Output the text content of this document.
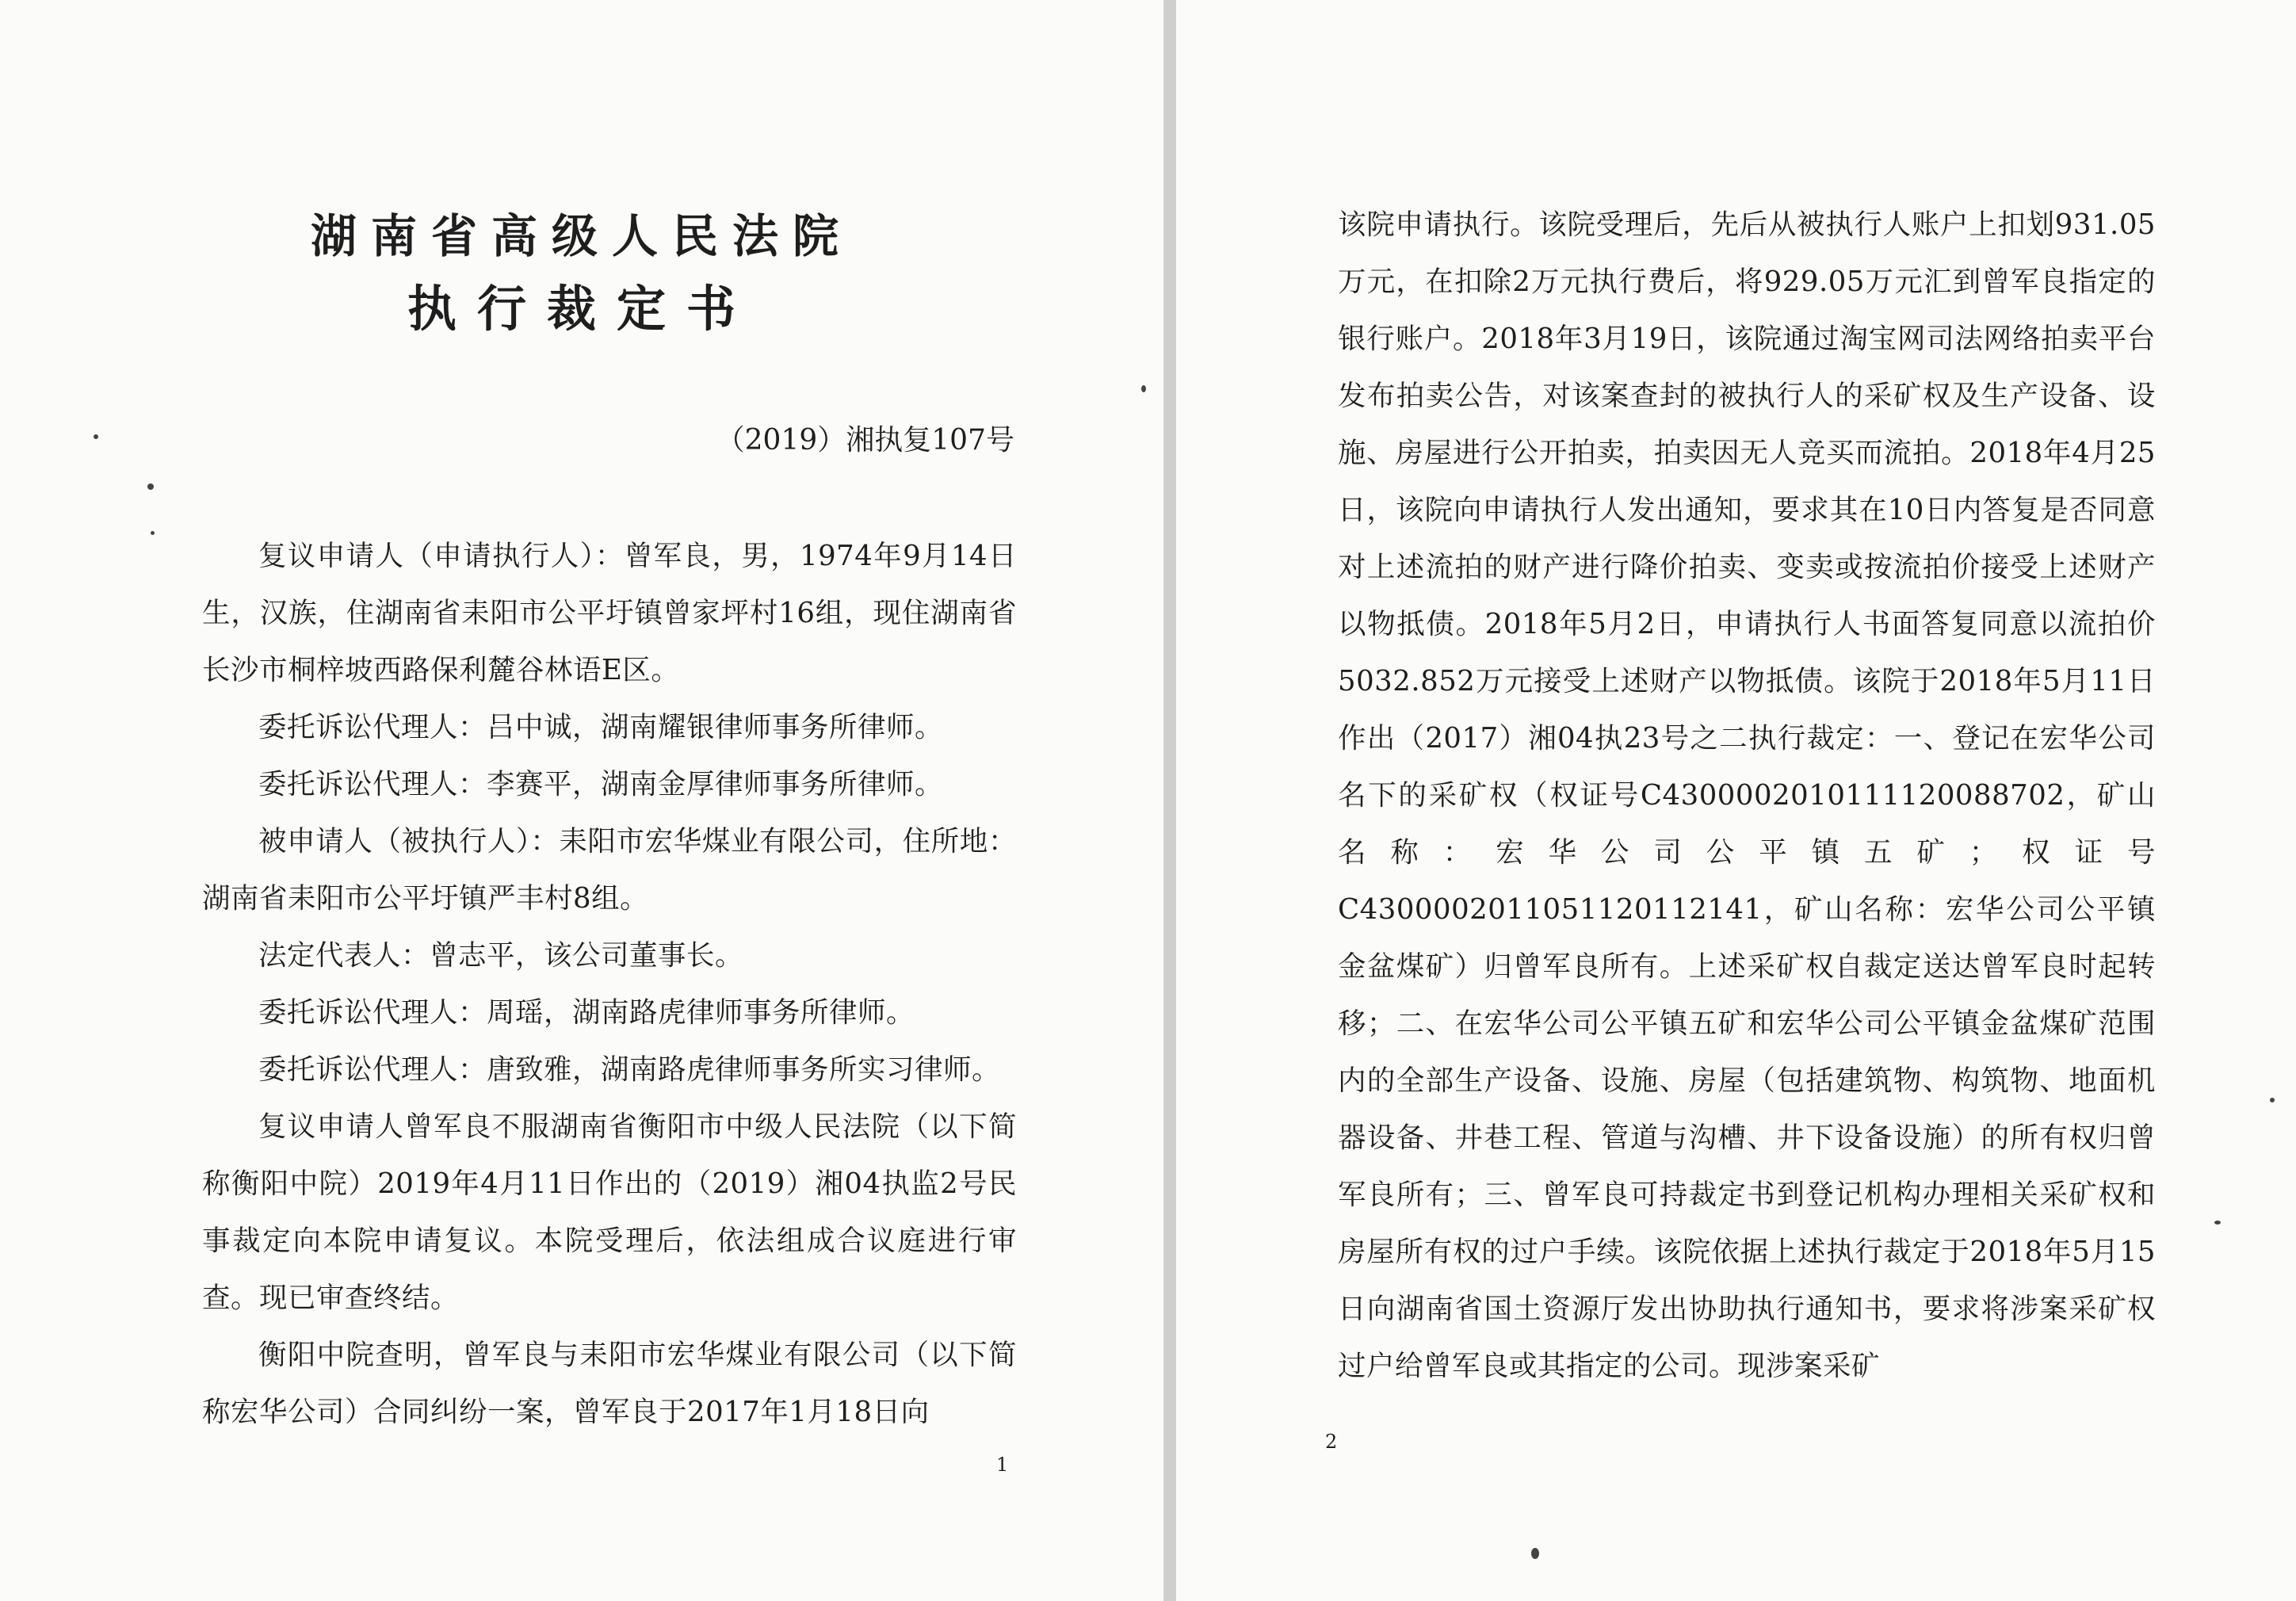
湖南省高级人民法院
执行裁定书
（2019）湘执复107号

复议申请人（申请执行人）：曾军良，男，1974年9月14日生，汉族，住湖南省耒阳市公平圩镇曾家坪村16组，现住湖南省长沙市桐梓坡西路保利麓谷林语E区。

委托诉讼代理人：吕中诚，湖南耀银律师事务所律师。

委托诉讼代理人：李赛平，湖南金厚律师事务所律师。

被申请人（被执行人）：耒阳市宏华煤业有限公司，住所地：湖南省耒阳市公平圩镇严丰村8组。

法定代表人：曾志平，该公司董事长。

委托诉讼代理人：周瑶，湖南路虎律师事务所律师。

委托诉讼代理人：唐致雅，湖南路虎律师事务所实习律师。

复议申请人曾军良不服湖南省衡阳市中级人民法院（以下简称衡阳中院）2019年4月11日作出的（2019）湘04执监2号民事裁定向本院申请复议。本院受理后，依法组成合议庭进行审查。现已审查终结。

衡阳中院查明，曾军良与耒阳市宏华煤业有限公司（以下简称宏华公司）合同纠纷一案，曾军良于2017年1月18日向

1

该院申请执行。该院受理后，先后从被执行人账户上扣划931.05万元，在扣除2万元执行费后，将929.05万元汇到曾军良指定的银行账户。2018年3月19日，该院通过淘宝网司法网络拍卖平台发布拍卖公告，对该案查封的被执行人的采矿权及生产设备、设施、房屋进行公开拍卖，拍卖因无人竞买而流拍。2018年4月25日，该院向申请执行人发出通知，要求其在10日内答复是否同意对上述流拍的财产进行降价拍卖、变卖或按流拍价接受上述财产以物抵债。2018年5月2日，申请执行人书面答复同意以流拍价5032.852万元接受上述财产以物抵债。该院于2018年5月11日作出（2017）湘04执23号之二执行裁定：一、登记在宏华公司名下的采矿权（权证号C4300002010111120088702，矿山名称：宏华公司公平镇五矿；权证号C4300002011051120112141，矿山名称：宏华公司公平镇金盆煤矿）归曾军良所有。上述采矿权自裁定送达曾军良时起转移；二、在宏华公司公平镇五矿和宏华公司公平镇金盆煤矿范围内的全部生产设备、设施、房屋（包括建筑物、构筑物、地面机器设备、井巷工程、管道与沟槽、井下设备设施）的所有权归曾军良所有；三、曾军良可持裁定书到登记机构办理相关采矿权和房屋所有权的过户手续。该院依据上述执行裁定于2018年5月15日向湖南省国土资源厅发出协助执行通知书，要求将涉案采矿权过户给曾军良或其指定的公司。现涉案采矿

2
